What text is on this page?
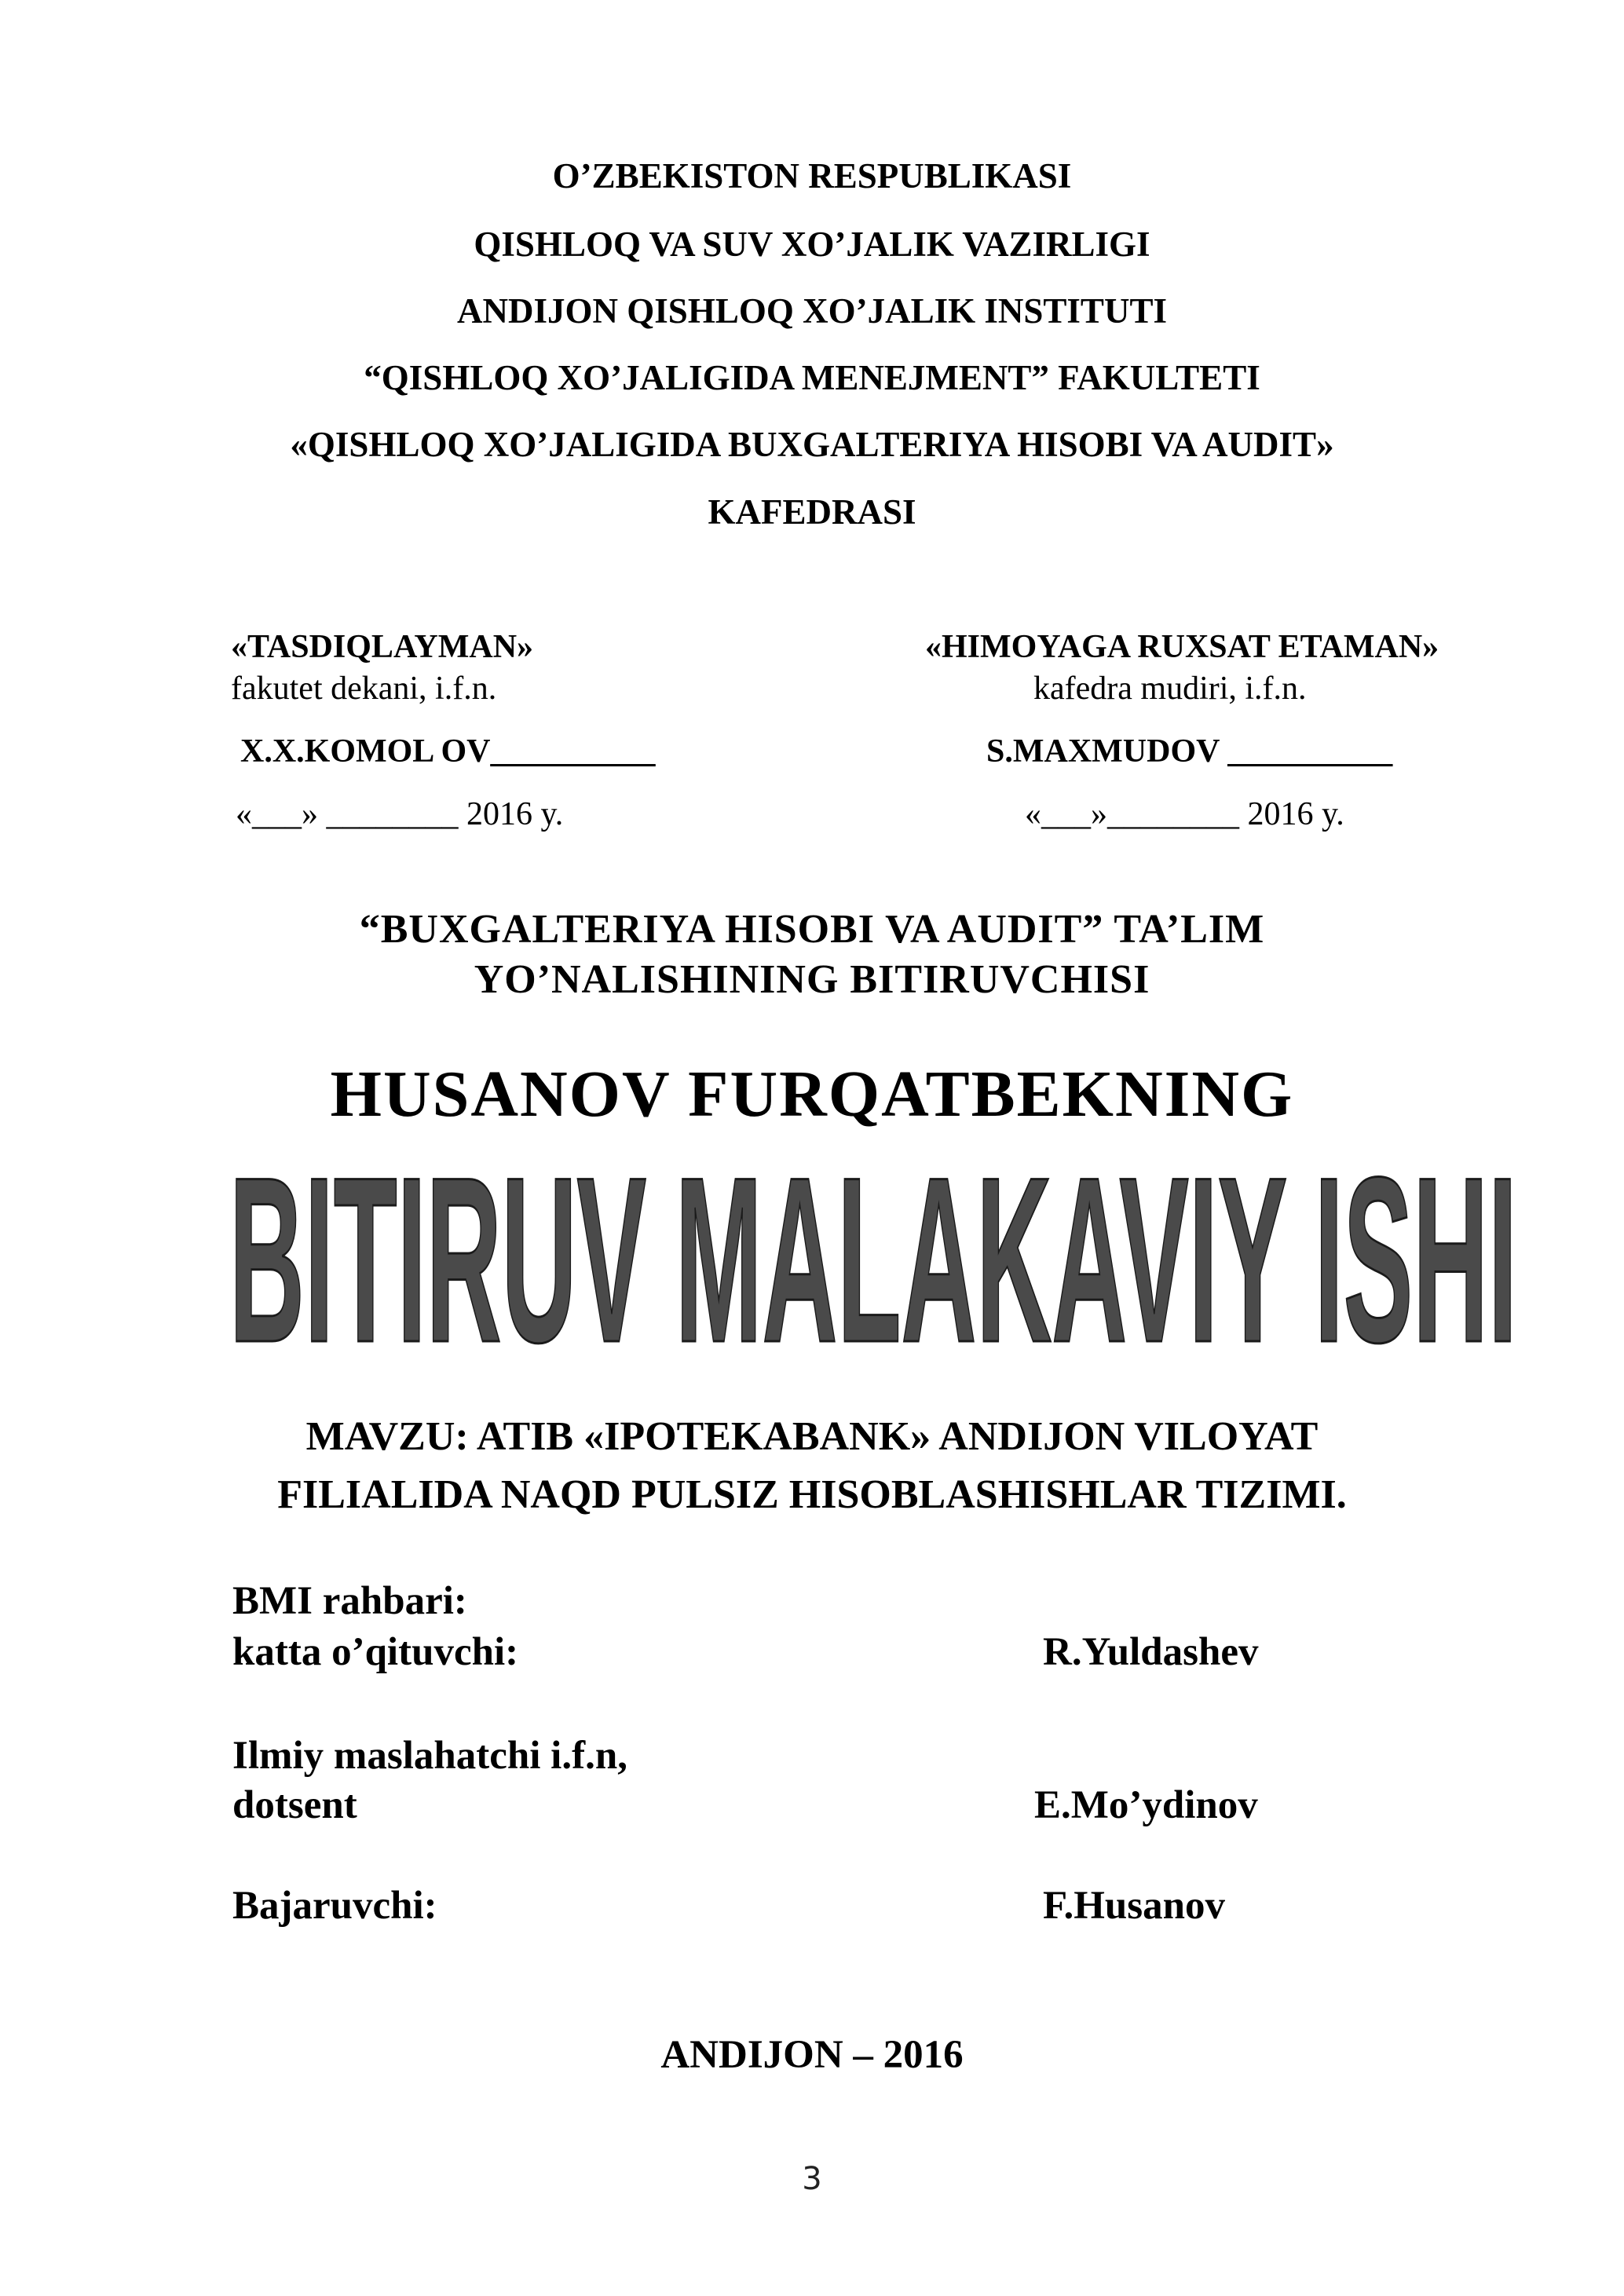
O’ZBEKISTON RESPUBLIKASI
QISHLOQ VA SUV XO’JALIK VAZIRLIGI
ANDIJON QISHLOQ XO’JALIK INSTITUTI
“QISHLOQ XO’JALIGIDA MENEJMENT” FAKULTETI
«QISHLOQ XO’JALIGIDA BUXGALTERIYA HISOBI VA AUDIT»
KAFEDRASI
«TASDIQLAYMAN»
fakutet dekani, i.f.n.
X.X.KOMOL OV__________
«___» ________ 2016 y.
«HIMOYAGA RUXSAT ETAMAN»
kafedra mudiri, i.f.n.
S.MAXMUDOV __________
«___»________ 2016 y.
“BUXGALTERIYA HISOBI VA AUDIT” TA’LIM
YO’NALISHINING BITIRUVCHISI
HUSANOV FURQATBEKNING
BITIRUV MALAKAVIY ISHI
MAVZU: ATIB «IPOTEKABANK» ANDIJON VILOYAT
FILIALIDA NAQD PULSIZ HISOBLASHISHLAR TIZIMI.
BMI rahbari:
katta o’qituvchi:	R.Yuldashev
Ilmiy maslahatchi i.f.n,
dotsent	E.Mo’ydinov
Bajaruvchi:	F.Husanov
ANDIJON – 2016
3
